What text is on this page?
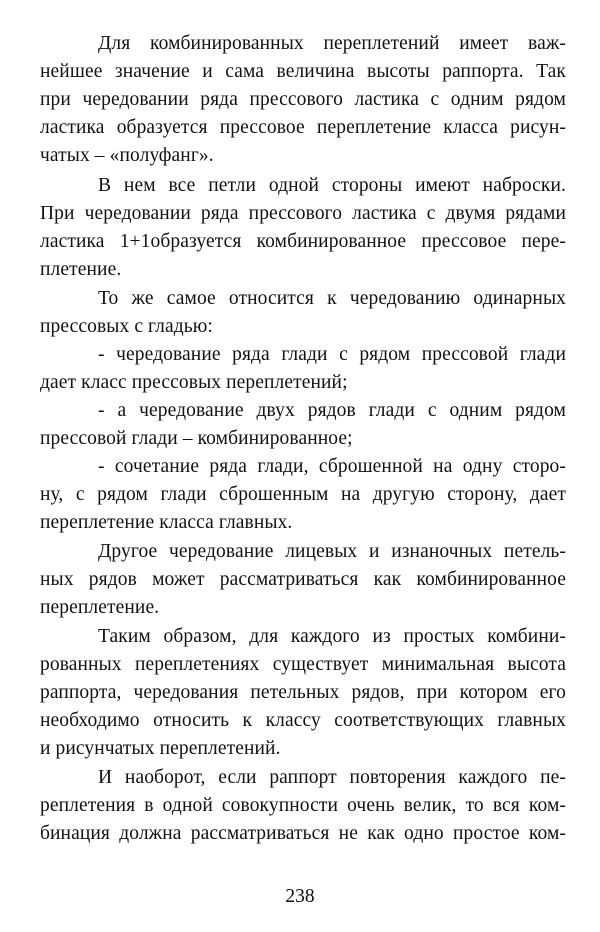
Для комбинированных переплетений имеет важ-
нейшее значение и сама величина высоты раппорта. Так
при чередовании ряда прессового ластика с одним рядом
ластика образуется прессовое переплетение класса рисун-
чатых – «полуфанг».
В нем все петли одной стороны имеют наброски.
При чередовании ряда прессового ластика с двумя рядами
ластика 1+1образуется комбинированное прессовое пере-
плетение.
То же самое относится к чередованию одинарных
прессовых с гладью:
- чередование ряда глади с рядом прессовой глади
дает класс прессовых переплетений;
- а чередование двух рядов глади с одним рядом
прессовой глади – комбинированное;
- сочетание ряда глади, сброшенной на одну сторо-
ну, с рядом глади сброшенным на другую сторону, дает
переплетение класса главных.
Другое чередование лицевых и изнаночных петель-
ных рядов может рассматриваться как комбинированное
переплетение.
Таким образом, для каждого из простых комбини-
рованных переплетениях существует минимальная высота
раппорта, чередования петельных рядов, при котором его
необходимо относить к классу соответствующих главных
и рисунчатых переплетений.
И наоборот, если раппорт повторения каждого пе-
реплетения в одной совокупности очень велик, то вся ком-
бинация должна рассматриваться не как одно простое ком-
238
